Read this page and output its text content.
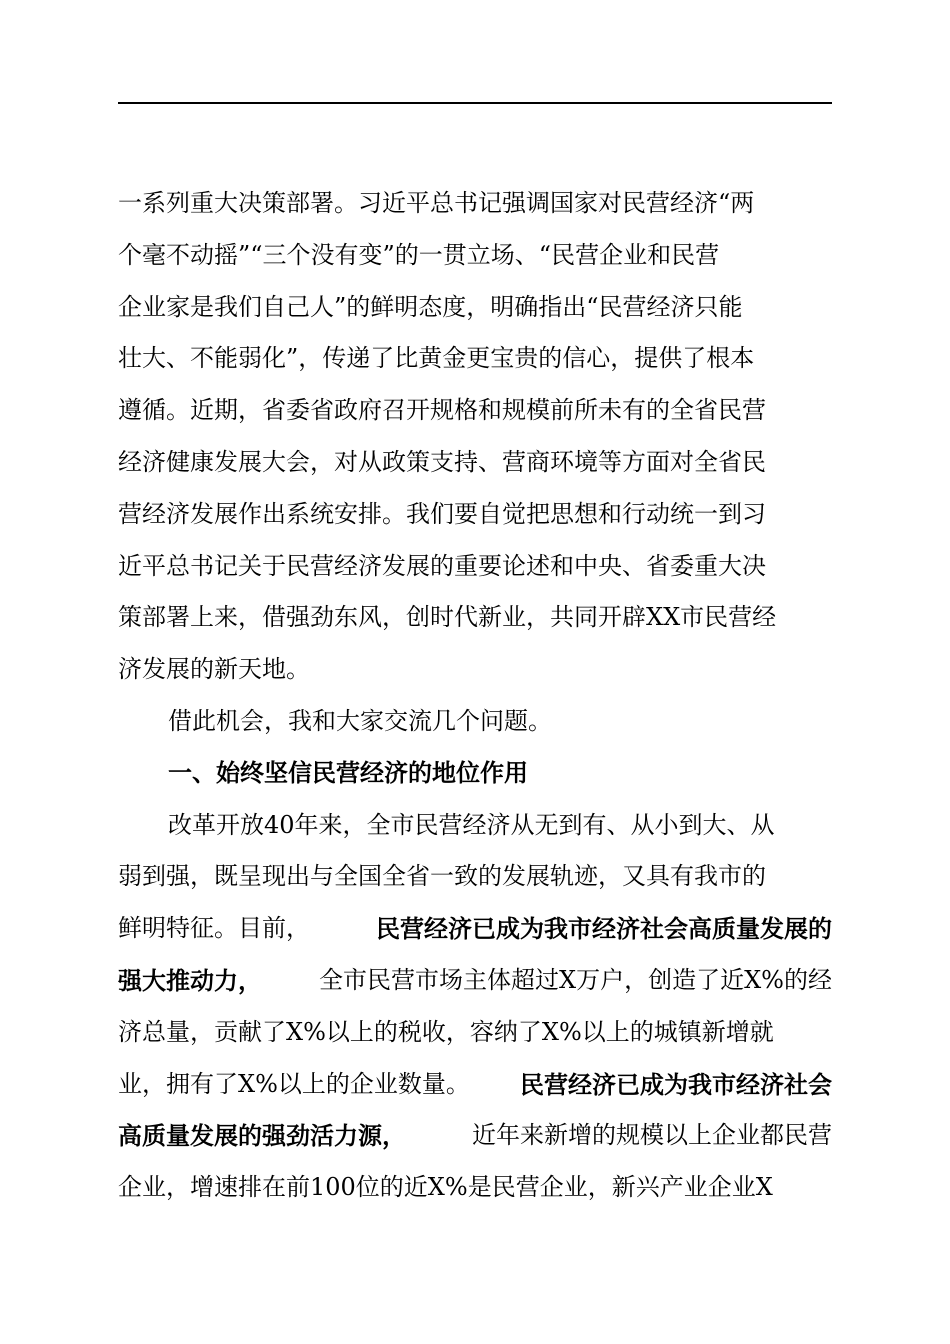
一系列重大决策部署。习近平总书记强调国家对民营经济“两
个毫不动摇”“三个没有变”的一贯立场、“民营企业和民营
企业家是我们自己人”的鲜明态度，明确指出“民营经济只能
壮大、不能弱化”，传递了比黄金更宝贵的信心，提供了根本
遵循。近期，省委省政府召开规格和规模前所未有的全省民营
经济健康发展大会，对从政策支持、营商环境等方面对全省民
营经济发展作出系统安排。我们要自觉把思想和行动统一到习
近平总书记关于民营经济发展的重要论述和中央、省委重大决
策部署上来，借强劲东风，创时代新业，共同开辟XX市民营经
济发展的新天地。
借此机会，我和大家交流几个问题。
一、始终坚信民营经济的地位作用
改革开放40年来，全市民营经济从无到有、从小到大、从
弱到强，既呈现出与全国全省一致的发展轨迹，又具有我市的
鲜明特征。目前，	民营经济已成为我市经济社会高质量发展的
强大推动力， 全市民营市场主体超过X万户，创造了近X%的经
济总量，贡献了X%以上的税收，容纳了X%以上的城镇新增就
业，拥有了X%以上的企业数量。 民营经济已成为我市经济社会
高质量发展的强劲活力源，	近年来新增的规模以上企业都民营
企业，增速排在前100位的近X%是民营企业，新兴产业企业X
